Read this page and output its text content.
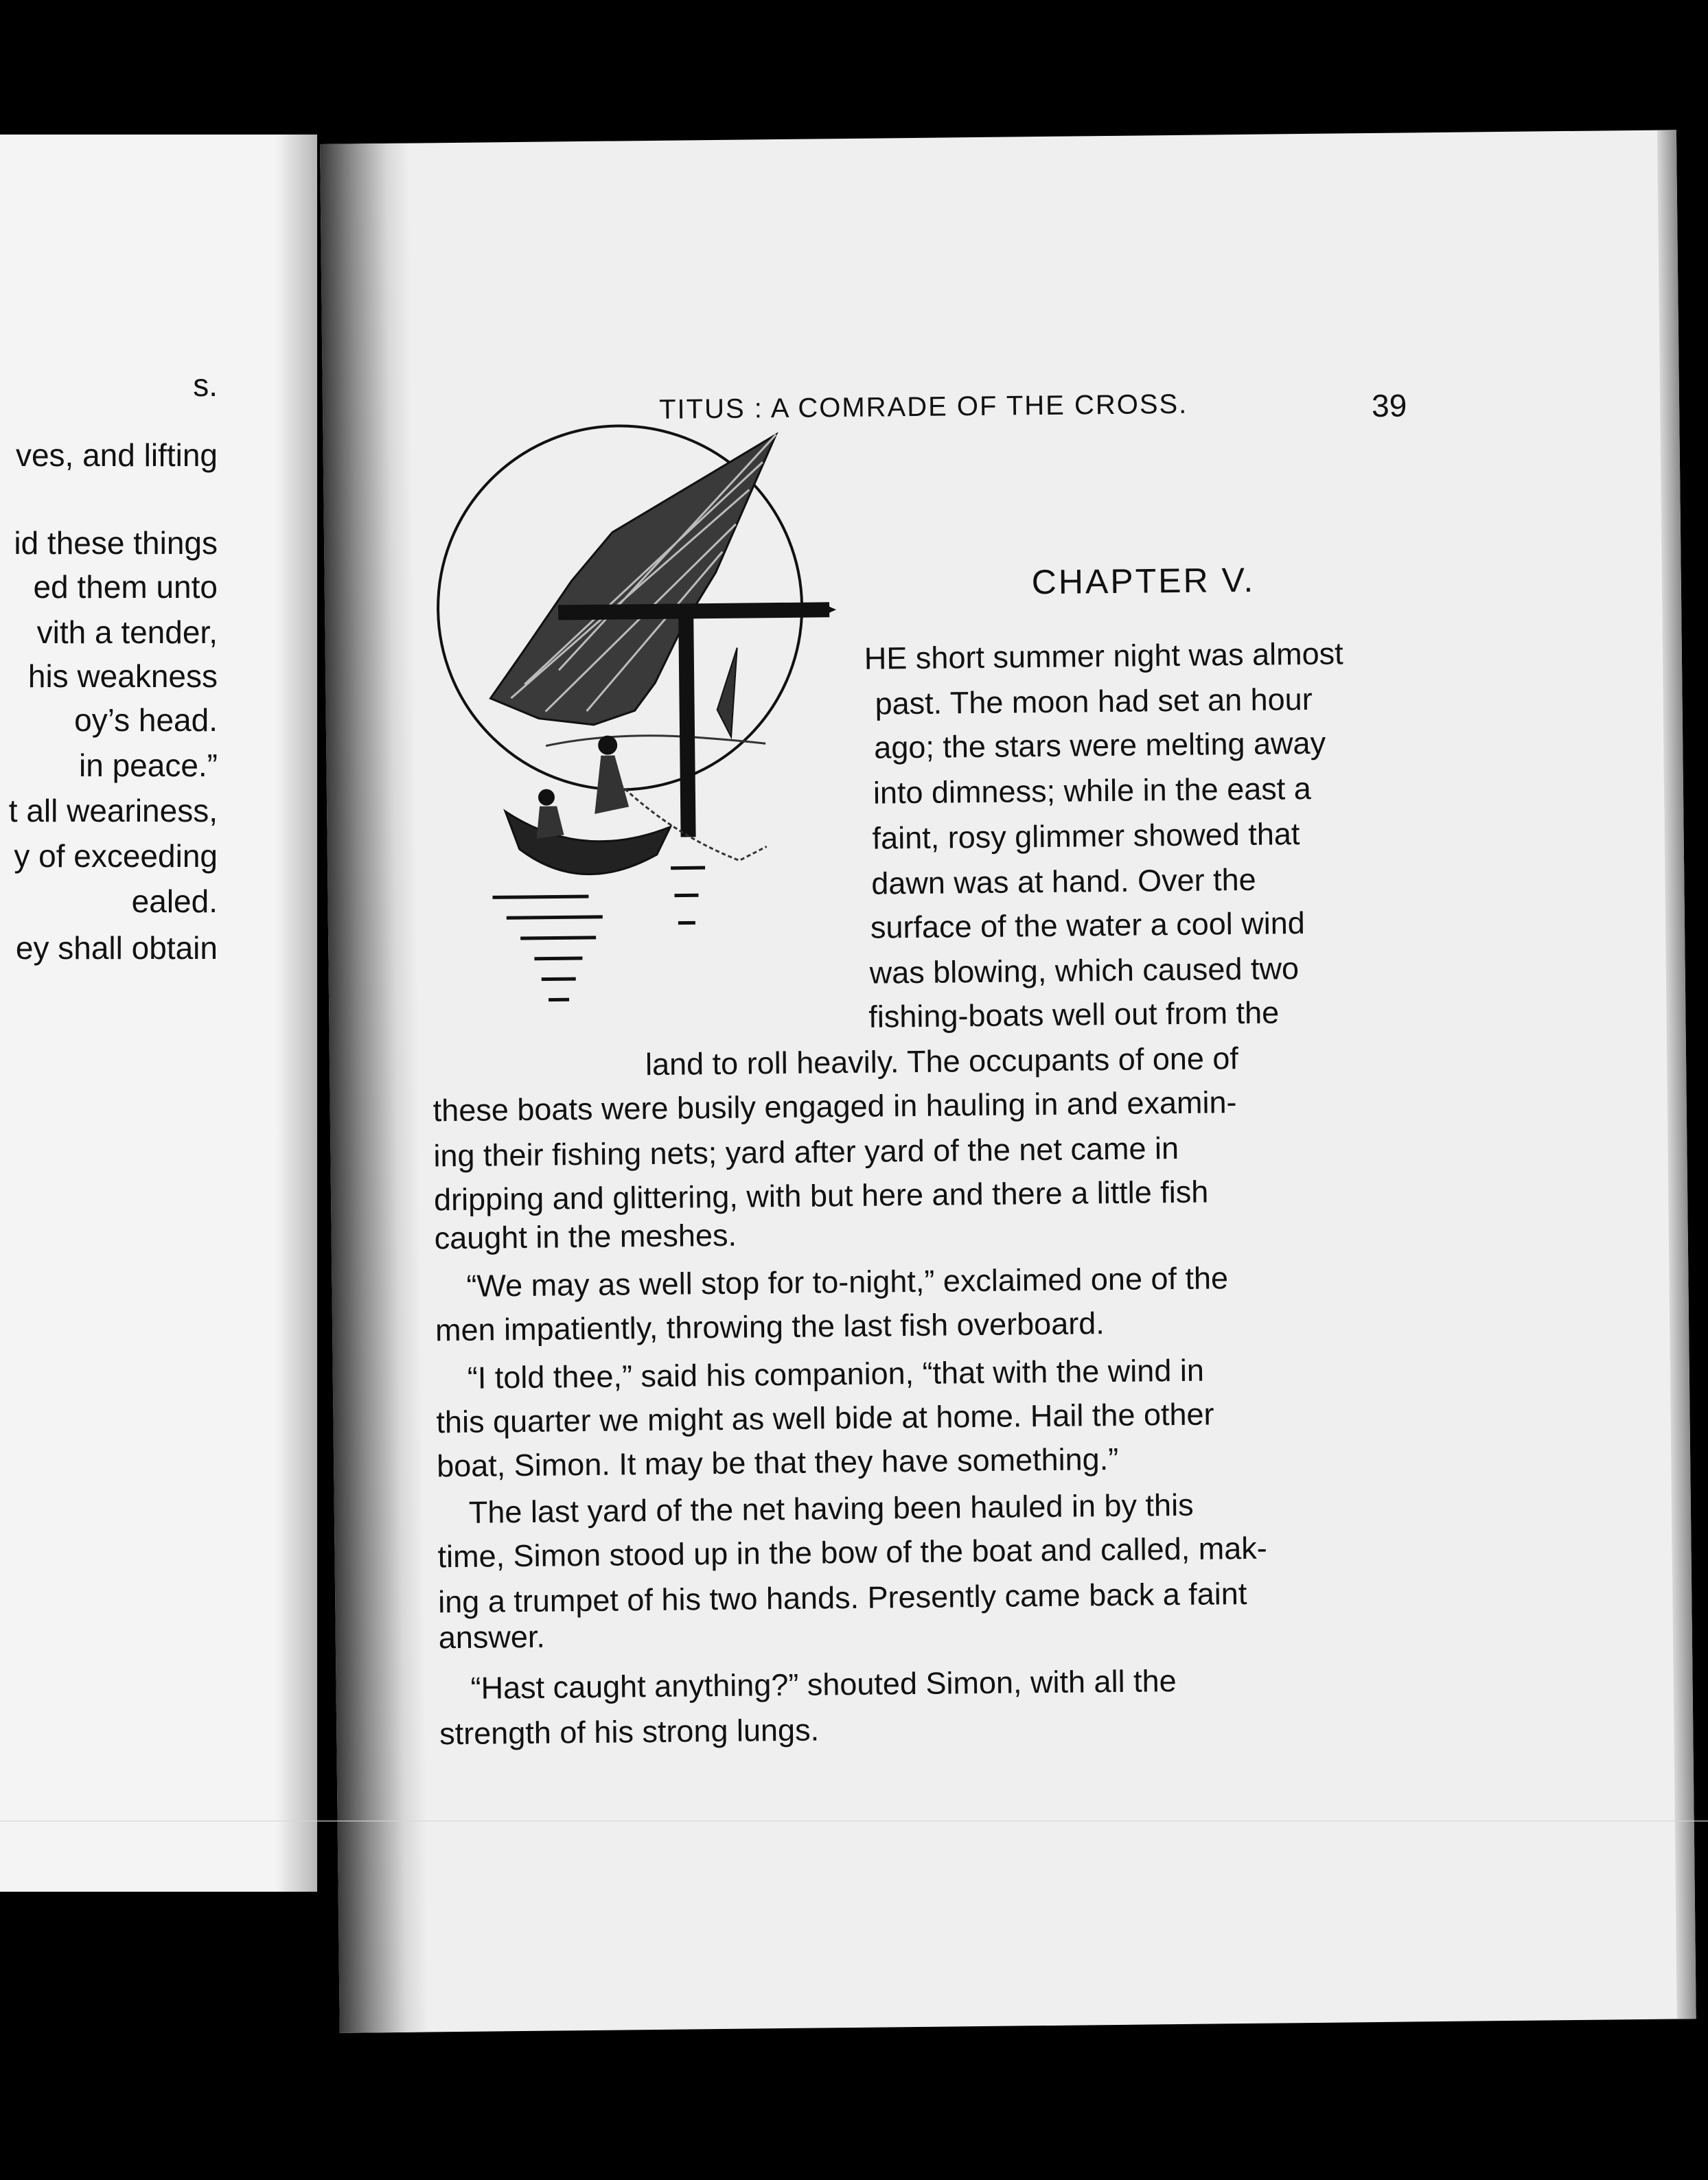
s.
ves, and lifting
id these things
ed them unto
vith a tender,
his weakness
oy’s head.
in peace.”
t all weariness,
y of exceeding
ealed.
ey shall obtain
TITUS : A COMRADE OF THE CROSS.	39
CHAPTER V.
T
HE short summer night was almost
past. The moon had set an hour
ago; the stars were melting away
into dimness; while in the east a
faint, rosy glimmer showed that
dawn was at hand. Over the
surface of the water a cool wind
was blowing, which caused two
fishing-boats well out from the
land to roll heavily. The occupants of one of
these boats were busily engaged in hauling in and examin-
ing their fishing nets; yard after yard of the net came in
dripping and glittering, with but here and there a little fish
caught in the meshes.
“We may as well stop for to-night,” exclaimed one of the
men impatiently, throwing the last fish overboard.
“I told thee,” said his companion, “that with the wind in
this quarter we might as well bide at home. Hail the other
boat, Simon. It may be that they have something.”
The last yard of the net having been hauled in by this
time, Simon stood up in the bow of the boat and called, mak-
ing a trumpet of his two hands. Presently came back a faint
answer.
“Hast caught anything?” shouted Simon, with all the
strength of his strong lungs.
